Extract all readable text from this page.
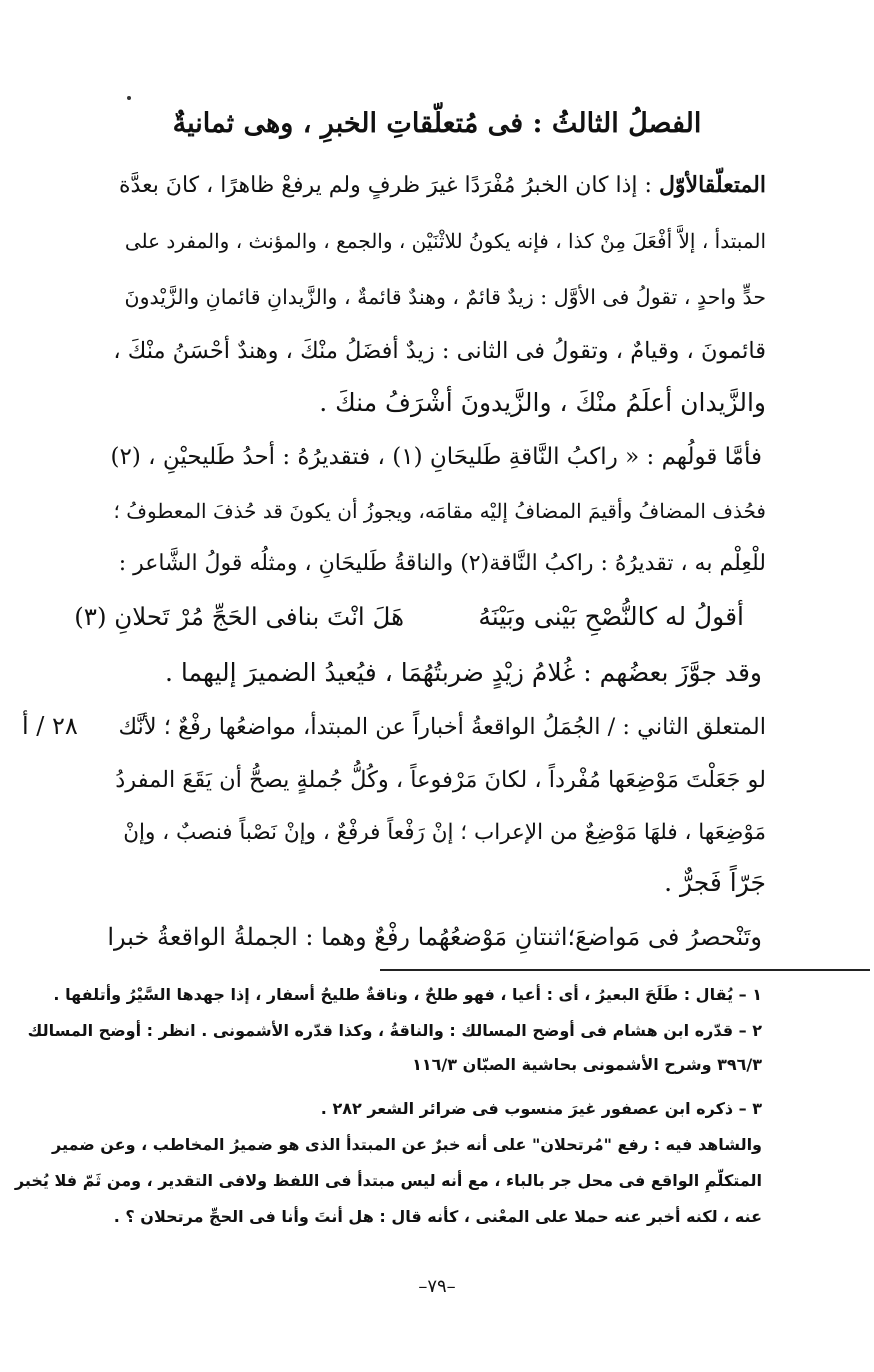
الفصلُ الثالثُ : فى مُتعلّقاتِ الخبرِ ، وهى ثمانيةٌ
المتعلّقالأوّل : إذا كان الخبرُ مُفْرَدًا غيرَ ظرفٍ ولم يرفعْ ظاهرًا ، كانَ بعدَّة
المبتدأ ، إلاَّ أفْعَلَ مِنْ كذا ، فإنه يكونُ للاثْنَيْن ، والجمع ، والمؤنث ، والمفرد على
حدٍّ واحدٍ ، تقولُ فى الأوَّل : زيدٌ قائمٌ ، وهندٌ قائمةٌ ، والزَّيدانِ قائمانِ والزَّيْدونَ
قائمونَ ، وقيامٌ ، وتقولُ فى الثانى : زيدٌ أفضَلُ منْكَ ، وهندٌ أحْسَنُ منْكَ ،
والزَّيدان أعلَمُ منْكَ ، والزَّيدونَ أشْرَفُ منكَ .
فأمَّا قولُهم : « راكبُ النَّاقةِ طَليحَانِ (١) ، فتقديرُهُ : أحدُ طَليحيْنِ ، (٢)
فحُذف المضافُ وأقيمَ المضافُ إليْه مقامَه، ويجوزُ أن يكونَ قد حُذفَ المعطوفُ ؛
للْعِلْم به ، تقديرُهُ : راكبُ النَّاقة(٢) والناقةُ طَليحَانِ ، ومثلُه قولُ الشَّاعر :
أقولُ له كالنُّصْحِ بَيْنى وبَيْنَهُ
هَلَ انْتَ بنافى الحَجِّ مُرْ تَحلانِ (٣)
وقد جوَّزَ بعضُهم : غُلامُ زيْدٍ ضربتُهُمَا ، فيُعيدُ الضميرَ إليهما .
المتعلق الثاني : / الجُمَلُ الواقعةُ أخباراً عن المبتدأ، مواضعُها رفْعٌ ؛ لأنَّك
٢٨ / أ
لو جَعَلْتَ مَوْضِعَها مُفْرداً ، لكانَ مَرْفوعاً ، وكُلُّ جُملةٍ يصحُّ أن يَقَعَ المفردُ
مَوْضِعَها ، فلهَا مَوْضِعٌ من الإعراب ؛ إنْ رَفْعاً فرفْعٌ ، وإنْ نَصْباً فنصبٌ ، وإنْ
جَرّاً فَجرٌّ .
وتَنْحصرُ فى مَواضعَ؛اثنتانِ مَوْضعُهُما رفْعٌ وهما : الجملةُ الواقعةُ خبرا
١ – يُقال : طَلَحَ البعيرُ ، أى : أعيا ، فهو طلحٌ ، وناقةٌ طليحُ أسفار ، إذا جهدها السَّيْرُ وأتلفها .
٢ – قدّره ابن هشام فى أوضح المسالك : والناقةُ ، وكذا قدّره الأشمونى . انظر : أوضح المسالك
٣٩٦/٣ وشرح الأشمونى بحاشية الصبّان ١١٦/٣
٣ – ذكره ابن عصفور غيرَ منسوب فى ضرائر الشعر ٢٨٢ .
والشاهد فيه : رفع "مُرتحلان" على أنه خبرٌ عن المبتدأ الذى هو ضميرُ المخاطب ، وعن ضمير
المتكلّمِ الواقع فى محل جر بالباء ، مع أنه ليس مبتدأ فى اللفظ ولافى التقدير ، ومن ثَمّ فلا يُخبر
عنه ، لكنه أخبر عنه حملا على المعْنى ، كأنه قال : هل أنتَ وأنا فى الحجِّ مرتحلان ؟ .
–٧٩–
